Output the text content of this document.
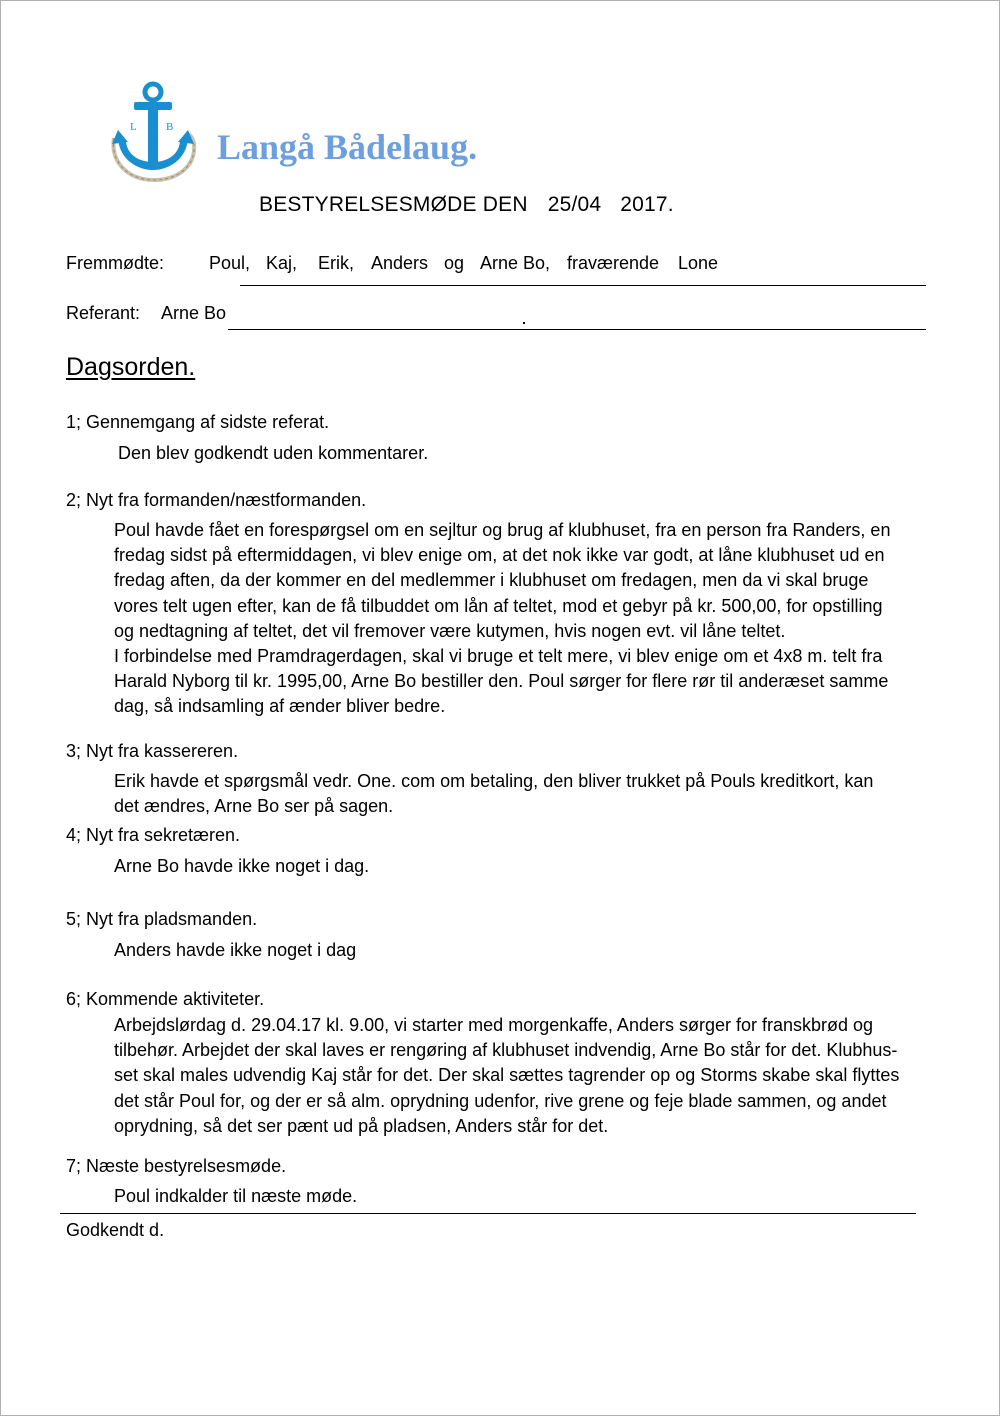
L	B Langå Bådelaug.
BESTYRELSESMØDE DEN 25/04 2017.
Fremmødte: Poul, Kaj, Erik, Anders og Arne Bo, fraværende Lone
Referant: Arne Bo
Dagsorden.
1; Gennemgang af sidste referat.
Den blev godkendt uden kommentarer.
2; Nyt fra formanden/næstformanden.
Poul havde fået en forespørgsel om en sejltur og brug af klubhuset, fra en person fra Randers, en
fredag sidst på eftermiddagen, vi blev enige om, at det nok ikke var godt, at låne klubhuset ud en
fredag aften, da der kommer en del medlemmer i klubhuset om fredagen, men da vi skal bruge
vores telt ugen efter, kan de få tilbuddet om lån af teltet, mod et gebyr på kr. 500,00, for opstilling
og nedtagning af teltet, det vil fremover være kutymen, hvis nogen evt. vil låne teltet.
I forbindelse med Pramdragerdagen, skal vi bruge et telt mere, vi blev enige om et 4x8 m. telt fra
Harald Nyborg til kr. 1995,00, Arne Bo bestiller den. Poul sørger for flere rør til anderæset samme
dag, så indsamling af ænder bliver bedre.
3; Nyt fra kassereren.
Erik havde et spørgsmål vedr. One. com om betaling, den bliver trukket på Pouls kreditkort, kan
det ændres, Arne Bo ser på sagen.
4; Nyt fra sekretæren.
Arne Bo havde ikke noget i dag.
5; Nyt fra pladsmanden.
Anders havde ikke noget i dag
6; Kommende aktiviteter.
Arbejdslørdag d. 29.04.17 kl. 9.00, vi starter med morgenkaffe, Anders sørger for franskbrød og
tilbehør. Arbejdet der skal laves er rengøring af klubhuset indvendig, Arne Bo står for det. Klubhus-
set skal males udvendig Kaj står for det. Der skal sættes tagrender op og Storms skabe skal flyttes
det står Poul for, og der er så alm. oprydning udenfor, rive grene og feje blade sammen, og andet
oprydning, så det ser pænt ud på pladsen, Anders står for det.
7; Næste bestyrelsesmøde.
Poul indkalder til næste møde.
Godkendt d.
